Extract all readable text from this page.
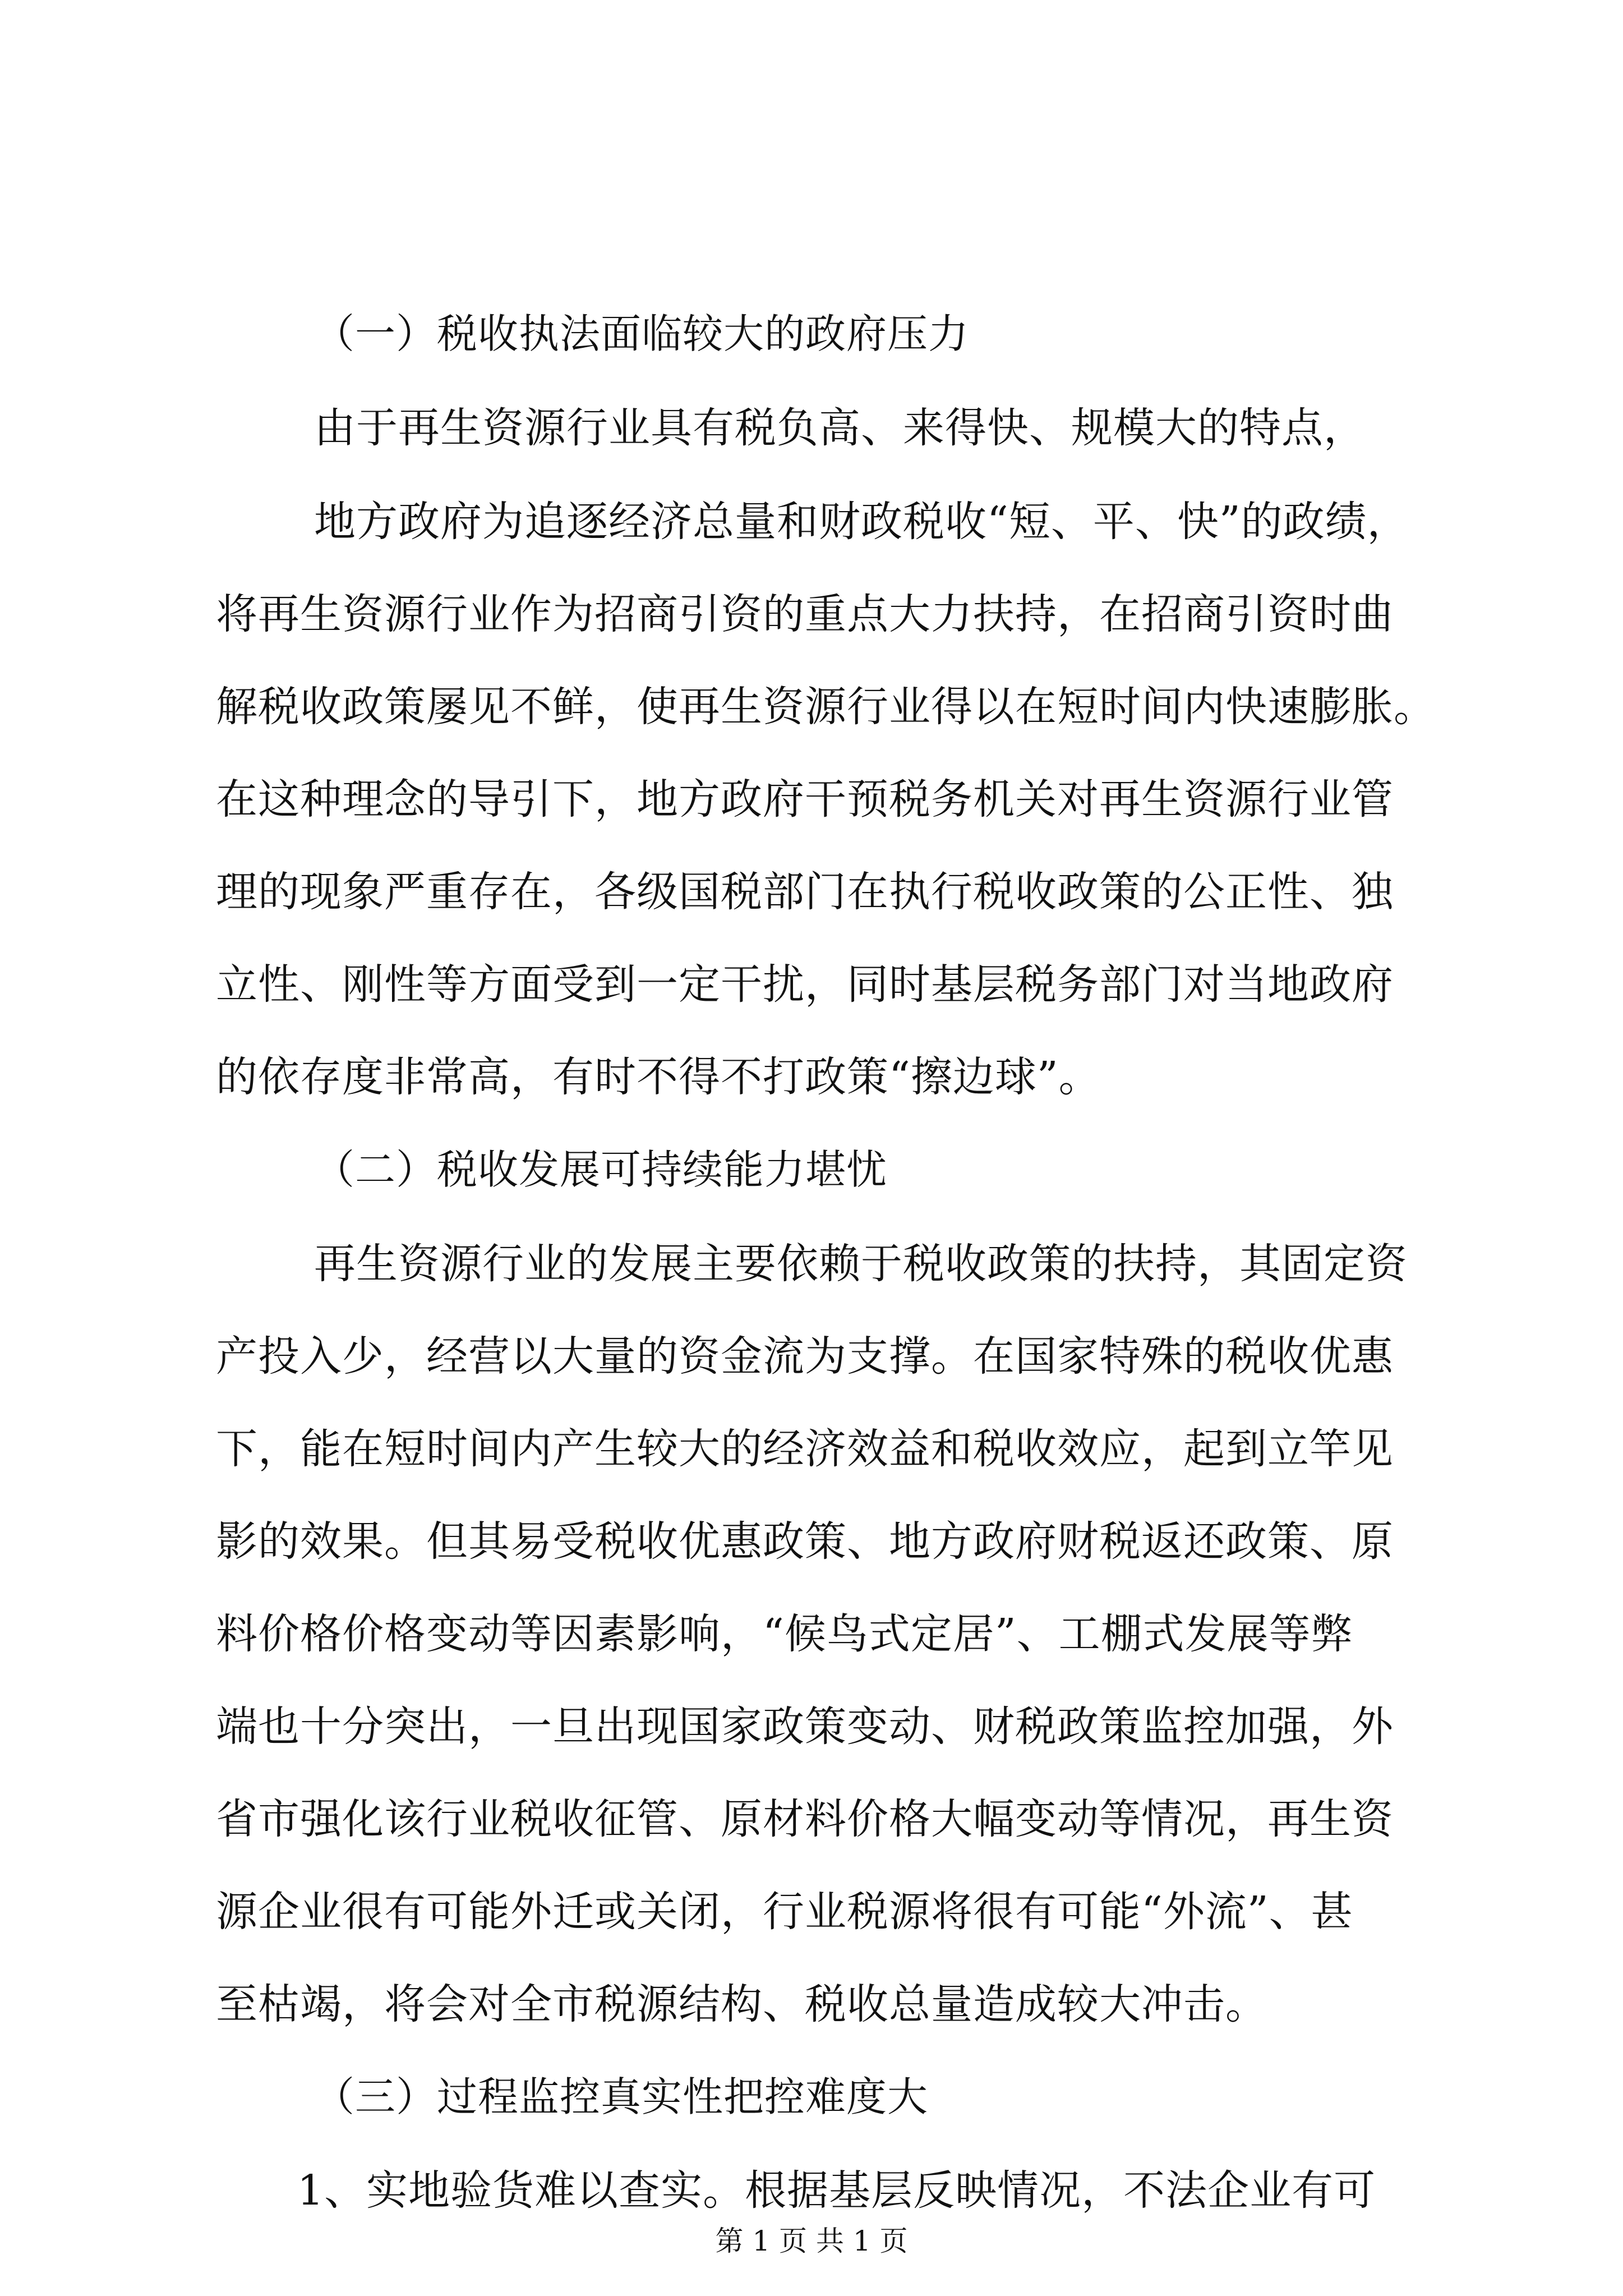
（一）税收执法面临较大的政府压力
由于再生资源行业具有税负高、来得快、规模大的特点，
地方政府为追逐经济总量和财政税收“短、平、快”的政绩，
将再生资源行业作为招商引资的重点大力扶持，在招商引资时曲
解税收政策屡见不鲜，使再生资源行业得以在短时间内快速膨胀。
在这种理念的导引下，地方政府干预税务机关对再生资源行业管
理的现象严重存在，各级国税部门在执行税收政策的公正性、独
立性、刚性等方面受到一定干扰，同时基层税务部门对当地政府
的依存度非常高，有时不得不打政策“擦边球”。
（二）税收发展可持续能力堪忧
再生资源行业的发展主要依赖于税收政策的扶持，其固定资
产投入少，经营以大量的资金流为支撑。在国家特殊的税收优惠
下，能在短时间内产生较大的经济效益和税收效应，起到立竿见
影的效果。但其易受税收优惠政策、地方政府财税返还政策、原
料价格价格变动等因素影响，“候鸟式定居”、工棚式发展等弊
端也十分突出，一旦出现国家政策变动、财税政策监控加强，外
省市强化该行业税收征管、原材料价格大幅变动等情况，再生资
源企业很有可能外迁或关闭，行业税源将很有可能“外流”、甚
至枯竭，将会对全市税源结构、税收总量造成较大冲击。
（三）过程监控真实性把控难度大
1、实地验货难以查实。根据基层反映情况，不法企业有可
第 1 页 共 1 页
